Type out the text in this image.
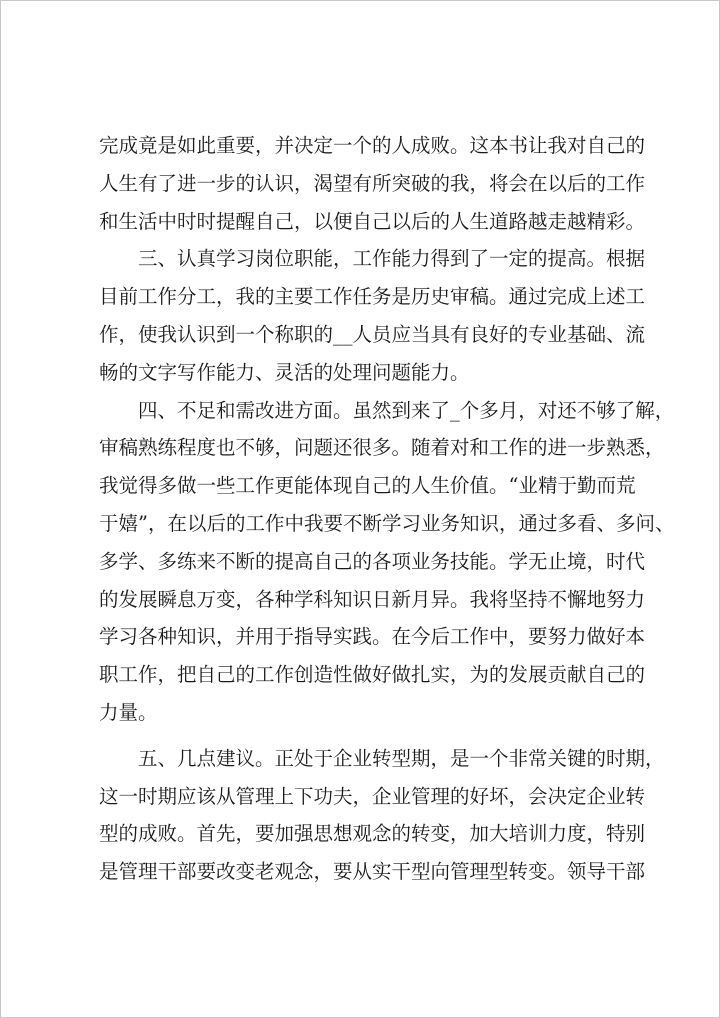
完成竟是如此重要，并决定一个的人成败。这本书让我对自己的
人生有了进一步的认识，渴望有所突破的我，将会在以后的工作
和生活中时时提醒自己，以便自己以后的人生道路越走越精彩。
　　三、认真学习岗位职能，工作能力得到了一定的提高。根据
目前工作分工，我的主要工作任务是历史审稿。通过完成上述工
作，使我认识到一个称职的__人员应当具有良好的专业基础、流
畅的文字写作能力、灵活的处理问题能力。
　　四、不足和需改进方面。虽然到来了_个多月，对还不够了解，
审稿熟练程度也不够，问题还很多。随着对和工作的进一步熟悉，
我觉得多做一些工作更能体现自己的人生价值。“业精于勤而荒
于嬉”，在以后的工作中我要不断学习业务知识，通过多看、多问、
多学、多练来不断的提高自己的各项业务技能。学无止境，时代
的发展瞬息万变，各种学科知识日新月异。我将坚持不懈地努力
学习各种知识，并用于指导实践。在今后工作中，要努力做好本
职工作，把自己的工作创造性做好做扎实，为的发展贡献自己的
力量。
　　五、几点建议。正处于企业转型期，是一个非常关键的时期，
这一时期应该从管理上下功夫，企业管理的好坏，会决定企业转
型的成败。首先，要加强思想观念的转变，加大培训力度，特别
是管理干部要改变老观念，要从实干型向管理型转变。领导干部
